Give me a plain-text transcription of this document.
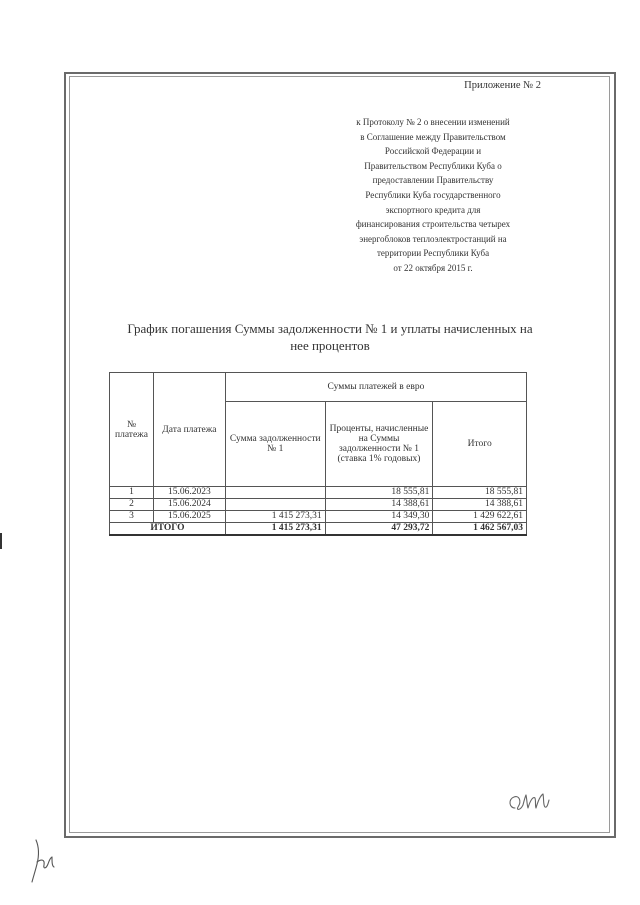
Приложение № 2
к Протоколу № 2 о внесении изменений
в Соглашение между Правительством
Российской Федерации и
Правительством Республики Куба о
предоставлении Правительству
Республики Куба государственного
экспортного кредита для
финансирования строительства четырех
энергоблоков теплоэлектростанций на
территории Республики Куба
от 22 октября 2015 г.
График погашения Суммы задолженности № 1 и уплаты начисленных на
нее процентов
№ платежа	Дата платежа	Суммы платежей в евро		
		Сумма задолженности № 1	Проценты, начисленные на Суммы задолженности № 1 (ставка 1% годовых)	Итого
1	15.06.2023		18 555,81	18 555,81
2	15.06.2024		14 388,61	14 388,61
3	15.06.2025	1 415 273,31	14 349,30	1 429 622,61
ИТОГО		1 415 273,31	47 293,72	1 462 567,03
